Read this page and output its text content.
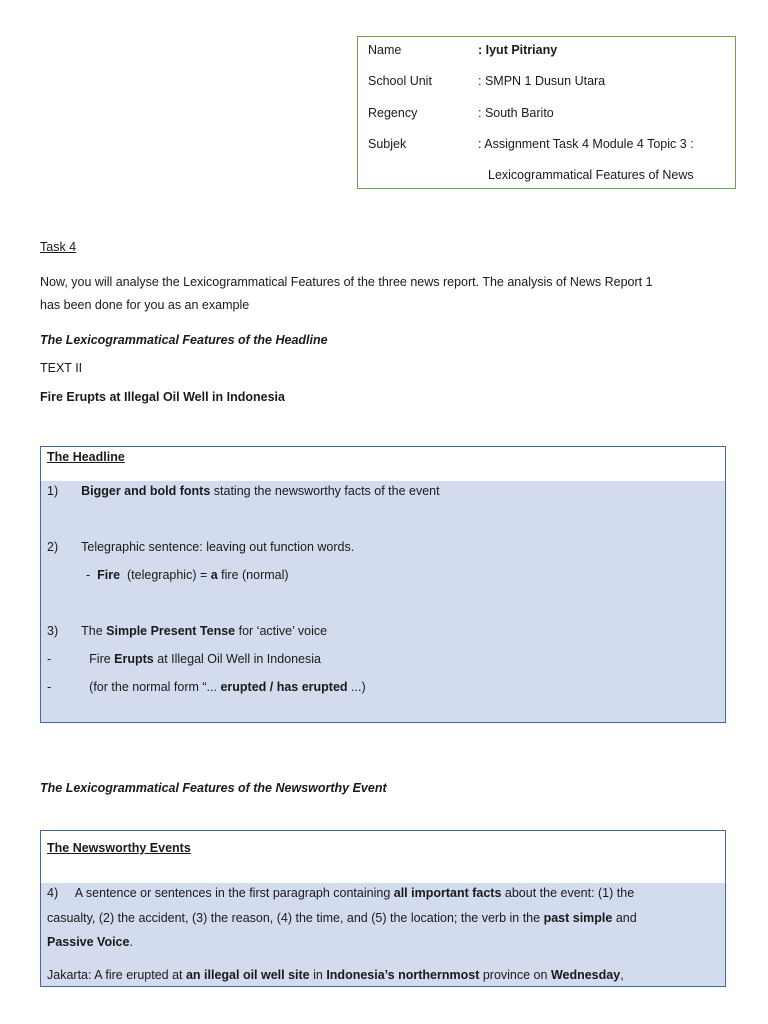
Name	: Iyut Pitriany
School Unit	: SMPN 1 Dusun Utara
Regency	: South Barito
Subjek	: Assignment Task 4 Module 4 Topic 3 :
Lexicogrammatical Features of News
Task 4
Now, you will analyse the Lexicogrammatical Features of the three news report. The analysis of News Report 1
has been done for you as an example
The Lexicogrammatical Features of the Headline
TEXT II
Fire Erupts at Illegal Oil Well in Indonesia
The Headline
1) Bigger and bold fonts stating the newsworthy facts of the event
2) Telegraphic sentence: leaving out function words.
- Fire  (telegraphic) = a fire (normal)
3) The Simple Present Tense for ‘active’ voice
-	Fire Erupts at Illegal Oil Well in Indonesia
-	(for the normal form “... erupted / has erupted ...)
The Lexicogrammatical Features of the Newsworthy Event
The Newsworthy Events
4)     A sentence or sentences in the first paragraph containing all important facts about the event: (1) the
casualty, (2) the accident, (3) the reason, (4) the time, and (5) the location; the verb in the past simple and
Passive Voice.
Jakarta: A fire erupted at an illegal oil well site in Indonesia’s northernmost province on Wednesday,
